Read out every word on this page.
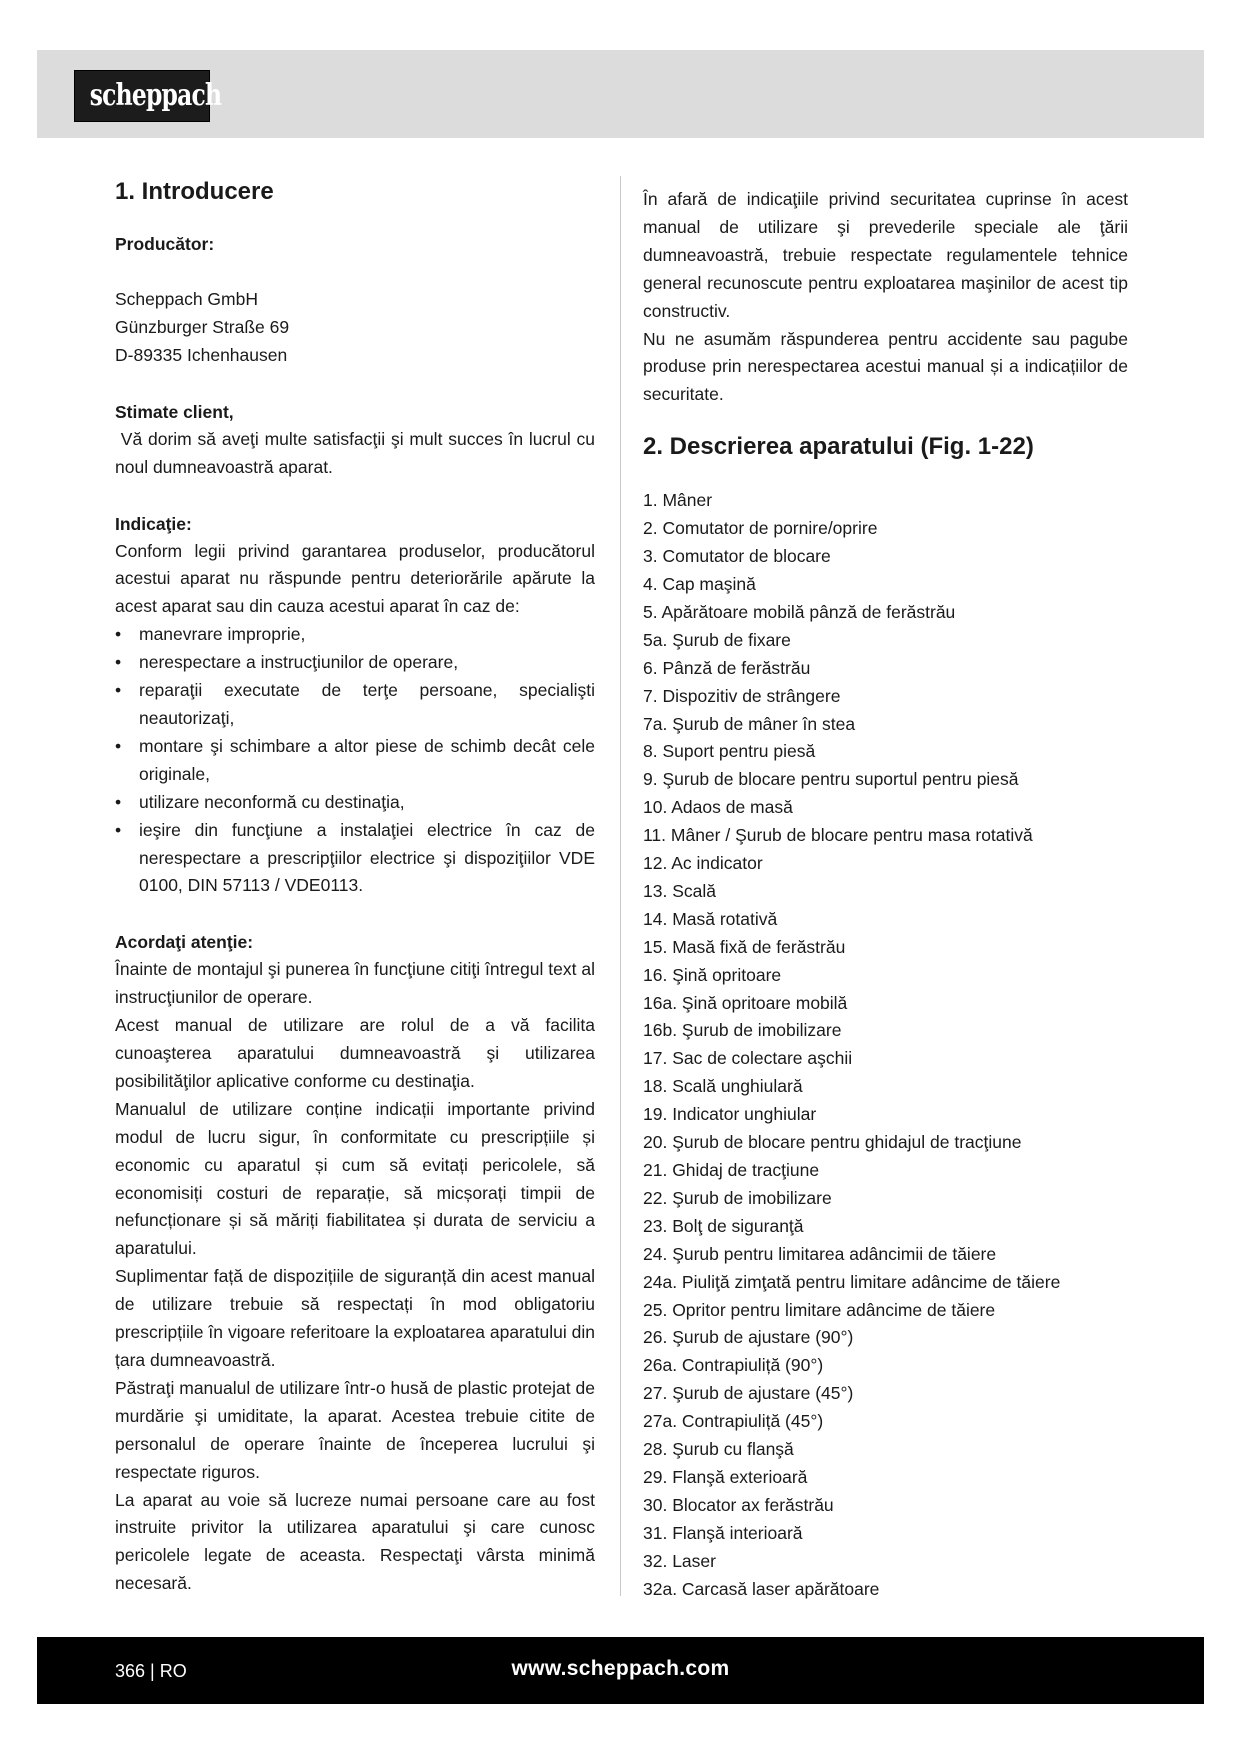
scheppach
1. Introducere
Producător:

Scheppach GmbH

Günzburger Straße 69

D-89335 Ichenhausen

Stimate client,

Vă dorim să aveţi multe satisfacţii şi mult succes în lucrul cu noul dumneavoastră aparat.

Indicaţie:

Conform legii privind garantarea produselor, producătorul acestui aparat nu răspunde pentru deteriorările apărute la acest aparat sau din cauza acestui aparat în caz de:

• manevrare improprie,
• nerespectare a instrucţiunilor de operare,
• reparaţii executate de terţe persoane, specialişti neautorizaţi,
• montare şi schimbare a altor piese de schimb decât cele originale,
• utilizare neconformă cu destinaţia,
• ieşire din funcţiune a instalaţiei electrice în caz de nerespectare a prescripţiilor electrice şi dispoziţiilor VDE 0100, DIN 57113 / VDE0113.
Acordaţi atenţie:

Înainte de montajul şi punerea în funcţiune citiţi întregul text al instrucţiunilor de operare.

Acest manual de utilizare are rolul de a vă facilita cunoaşterea aparatului dumneavoastră şi utilizarea posibilităţilor aplicative conforme cu destinaţia.

Manualul de utilizare conține indicații importante privind modul de lucru sigur, în conformitate cu prescripțiile și economic cu aparatul și cum să evitați pericolele, să economisiți costuri de reparație, să micșorați timpii de nefuncționare și să măriți fiabilitatea și durata de serviciu a aparatului.

Suplimentar față de dispozițiile de siguranță din acest manual de utilizare trebuie să respectați în mod obligatoriu prescripțiile în vigoare referitoare la exploatarea aparatului din țara dumneavoastră.

Păstraţi manualul de utilizare într-o husă de plastic protejat de murdărie şi umiditate, la aparat. Acestea trebuie citite de personalul de operare înainte de începerea lucrului şi respectate riguros.

La aparat au voie să lucreze numai persoane care au fost instruite privitor la utilizarea aparatului şi care cunosc pericolele legate de aceasta. Respectaţi vârsta minimă necesară.

În afară de indicaţiile privind securitatea cuprinse în acest manual de utilizare şi prevederile speciale ale ţării dumneavoastră, trebuie respectate regulamentele tehnice general recunoscute pentru exploatarea maşinilor de acest tip constructiv.

Nu ne asumăm răspunderea pentru accidente sau pagube produse prin nerespectarea acestui manual și a indicațiilor de securitate.

2. Descrierea aparatului (Fig. 1-22)
1. Mâner
2. Comutator de pornire/oprire
3. Comutator de blocare
4. Cap maşină
5. Apărătoare mobilă pânză de ferăstrău
5a. Şurub de fixare
6. Pânză de ferăstrău
7. Dispozitiv de strângere
7a. Şurub de mâner în stea
8. Suport pentru piesă
9. Şurub de blocare pentru suportul pentru piesă
10. Adaos de masă
11. Mâner / Şurub de blocare pentru masa rotativă
12. Ac indicator
13. Scală
14. Masă rotativă
15. Masă fixă de ferăstrău
16. Şină opritoare
16a. Şină opritoare mobilă
16b. Şurub de imobilizare
17. Sac de colectare aşchii
18. Scală unghiulară
19. Indicator unghiular
20. Şurub de blocare pentru ghidajul de tracţiune
21. Ghidaj de tracţiune
22. Şurub de imobilizare
23. Bolţ de siguranţă
24. Şurub pentru limitarea adâncimii de tăiere
24a. Piuliţă zimţată pentru limitare adâncime de tăiere
25. Opritor pentru limitare adâncime de tăiere
26. Şurub de ajustare (90°)
26a. Contrapiuliță (90°)
27. Şurub de ajustare (45°)
27a. Contrapiuliță (45°)
28. Şurub cu flanşă
29. Flanşă exterioară
30. Blocator ax ferăstrău
31. Flanşă interioară
32. Laser
32a. Carcasă laser apărătoare
366 | RO	www.scheppach.com
